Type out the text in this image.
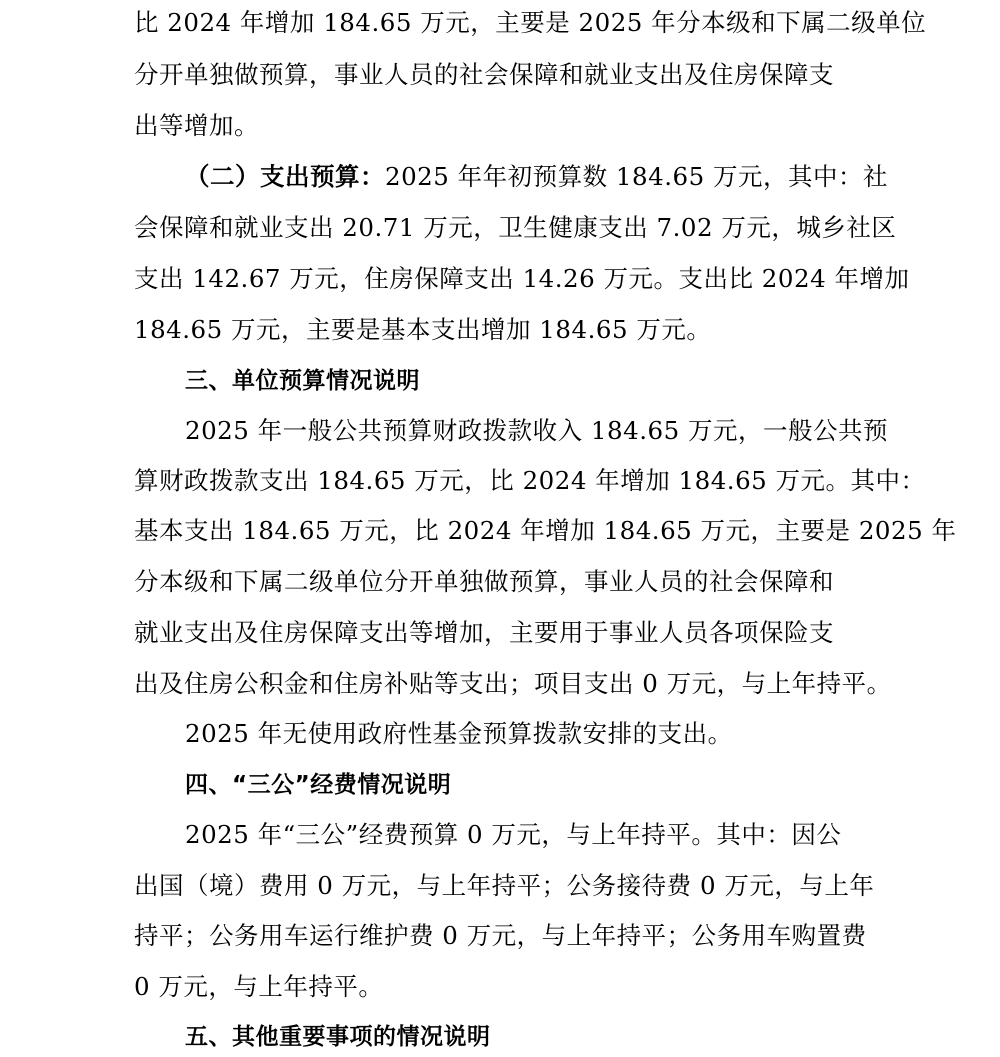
比 2024 年增加 184.65 万元，主要是 2025 年分本级和下属二级单位
分开单独做预算，事业人员的社会保障和就业支出及住房保障支
出等增加。
（二）支出预算：2025 年年初预算数 184.65 万元，其中：社
会保障和就业支出 20.71 万元，卫生健康支出 7.02 万元，城乡社区
支出 142.67 万元，住房保障支出 14.26 万元。支出比 2024 年增加
184.65 万元，主要是基本支出增加 184.65 万元。
三、单位预算情况说明
2025 年一般公共预算财政拨款收入 184.65 万元，一般公共预
算财政拨款支出 184.65 万元，比 2024 年增加 184.65 万元。其中：
基本支出 184.65 万元，比 2024 年增加 184.65 万元，主要是 2025 年
分本级和下属二级单位分开单独做预算，事业人员的社会保障和
就业支出及住房保障支出等增加，主要用于事业人员各项保险支
出及住房公积金和住房补贴等支出；项目支出 0 万元，与上年持平。
2025 年无使用政府性基金预算拨款安排的支出。
四、“三公”经费情况说明
2025 年“三公”经费预算 0 万元，与上年持平。其中：因公
出国（境）费用 0 万元，与上年持平；公务接待费 0 万元，与上年
持平；公务用车运行维护费 0 万元，与上年持平；公务用车购置费
0 万元，与上年持平。
五、其他重要事项的情况说明
